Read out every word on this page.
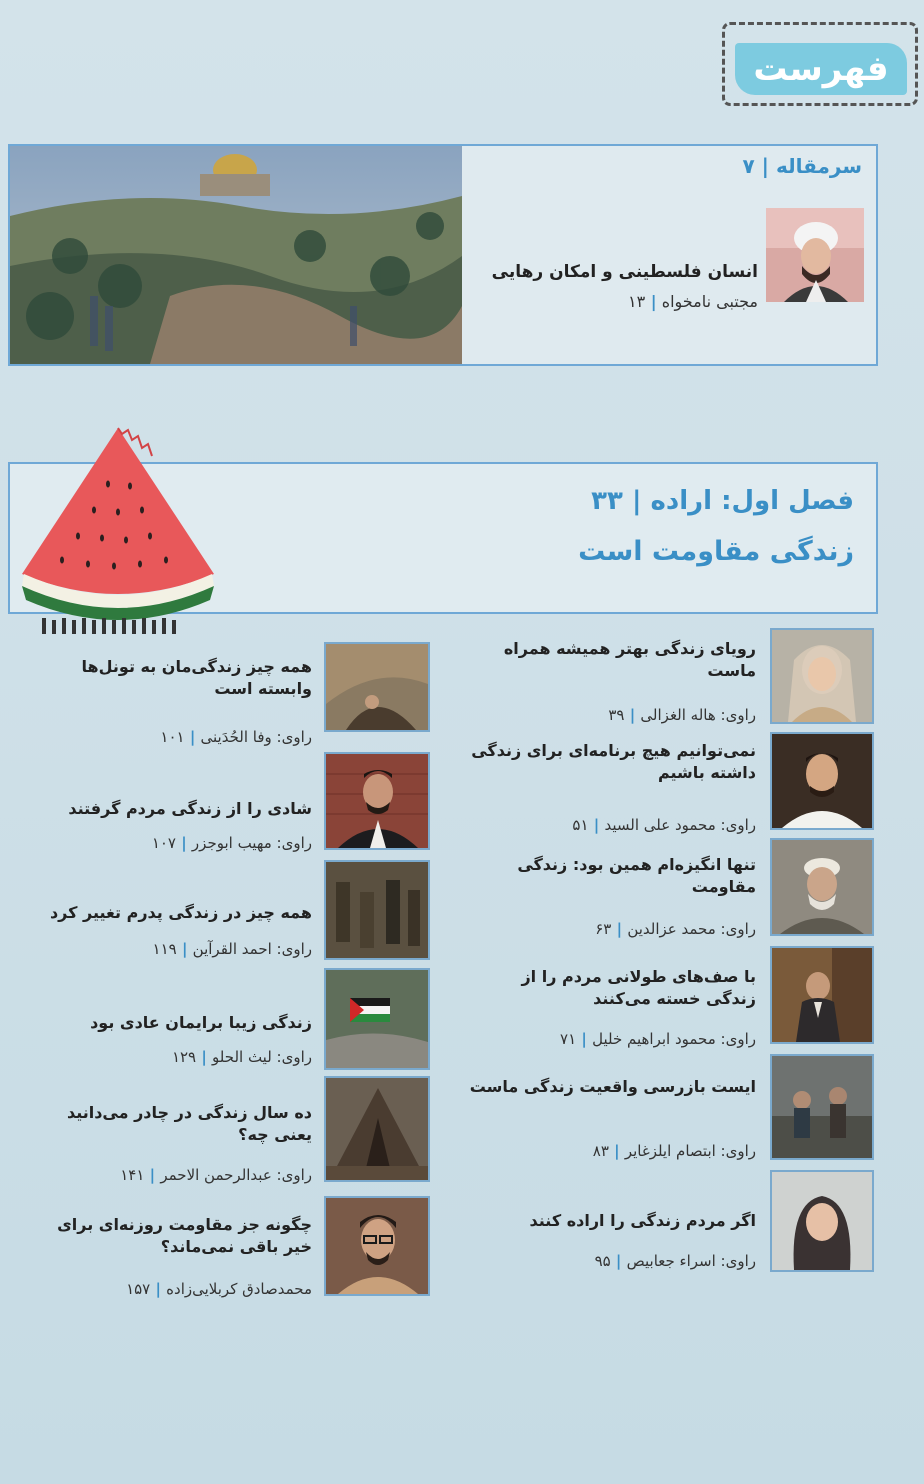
فهرست
سرمقاله | ۷
انسان فلسطینی و امکان رهایی
مجتبی نامخواه | ۱۳
فصل اول: اراده | ۳۳
زندگی مقاومت است
رویای زندگی بهتر همیشه همراه ماست
راوی: هاله الغزالی | ۳۹
نمی‌توانیم هیچ برنامه‌ای برای زندگی داشته باشیم
راوی: محمود علی السید | ۵۱
تنها انگیزه‌ام همین بود: زندگی مقاومت
راوی: محمد عزالدین | ۶۳
با صف‌های طولانی مردم را از زندگی خسته می‌کنند
راوی: محمود ابراهیم خلیل | ۷۱
ایست بازرسی واقعیت زندگی ماست
راوی: ابتصام ایلزغایر | ۸۳
اگر مردم زندگی را اراده کنند
راوی: اسراء جعابیص | ۹۵
همه چیز زندگی‌مان به تونل‌ها وابسته است
راوی: وفا الحُدَینی | ۱۰۱
شادی را از زندگی مردم گرفتند
راوی: مهیب ابوجزر | ۱۰۷
همه چیز در زندگی پدرم تغییر کرد
راوی: احمد القرآین | ۱۱۹
زندگی زیبا برایمان عادی بود
راوی: لیث الحلو | ۱۲۹
ده سال زندگی در چادر می‌دانید یعنی چه؟
راوی: عبدالرحمن الاحمر | ۱۴۱
چگونه جز مقاومت روزنه‌ای برای خیر باقی نمی‌ماند؟
محمدصادق کربلایی‌زاده | ۱۵۷
